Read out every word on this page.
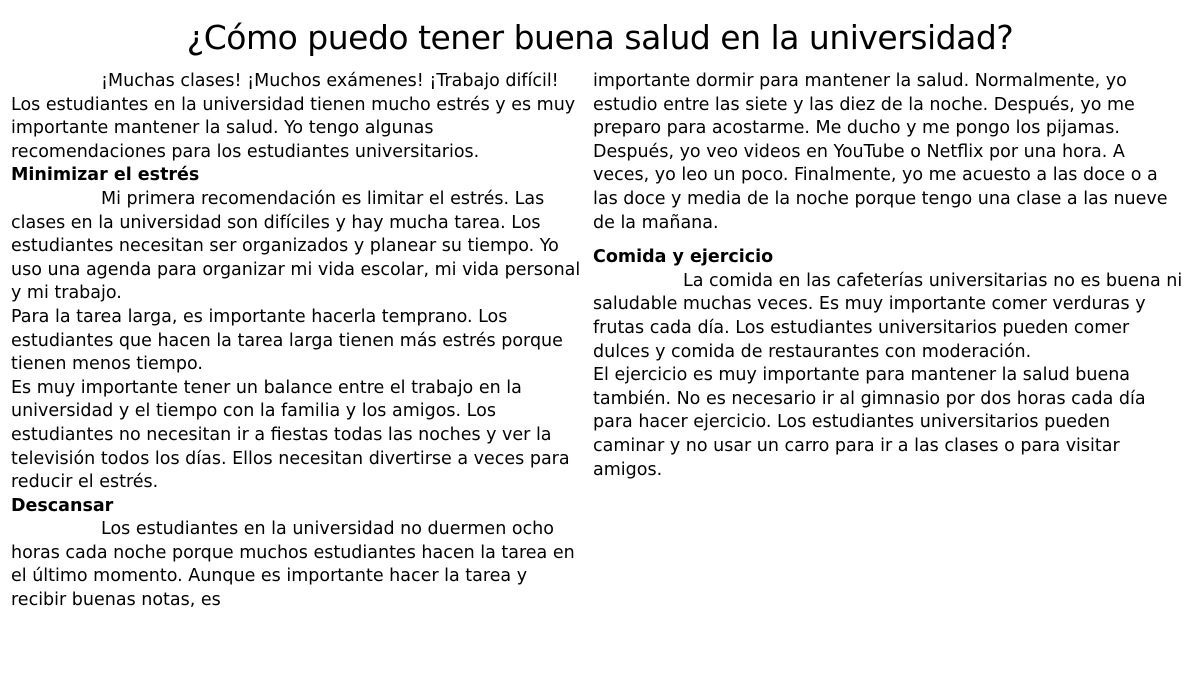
¿Cómo puedo tener buena salud en la universidad?

¡Muchas clases! ¡Muchos exámenes! ¡Trabajo difícil! Los estudiantes en la universidad tienen mucho estrés y es muy importante mantener la salud. Yo tengo algunas recomendaciones para los estudiantes universitarios.

Minimizar el estrés

Mi primera recomendación es limitar el estrés. Las clases en la universidad son difíciles y hay mucha tarea. Los estudiantes necesitan ser organizados y planear su tiempo. Yo uso una agenda para organizar mi vida escolar, mi vida personal y mi trabajo.

Para la tarea larga, es importante hacerla temprano. Los estudiantes que hacen la tarea larga tienen más estrés porque tienen menos tiempo.

Es muy importante tener un balance entre el trabajo en la universidad y el tiempo con la familia y los amigos. Los estudiantes no necesitan ir a fiestas todas las noches y ver la televisión todos los días. Ellos necesitan divertirse a veces para reducir el estrés.

Descansar

Los estudiantes en la universidad no duermen ocho horas cada noche porque muchos estudiantes hacen la tarea en el último momento. Aunque es importante hacer la tarea y recibir buenas notas, es

importante dormir para mantener la salud. Normalmente, yo estudio entre las siete y las diez de la noche. Después, yo me preparo para acostarme. Me ducho y me pongo los pijamas. Después, yo veo videos en YouTube o Netflix por una hora. A veces, yo leo un poco. Finalmente, yo me acuesto a las doce o a las doce y media de la noche porque tengo una clase a las nueve de la mañana.

Comida y ejercicio

La comida en las cafeterías universitarias no es buena ni saludable muchas veces. Es muy importante comer verduras y frutas cada día. Los estudiantes universitarios pueden comer dulces y comida de restaurantes con moderación.

El ejercicio es muy importante para mantener la salud buena también. No es necesario ir al gimnasio por dos horas cada día para hacer ejercicio. Los estudiantes universitarios pueden caminar y no usar un carro para ir a las clases o para visitar amigos.
